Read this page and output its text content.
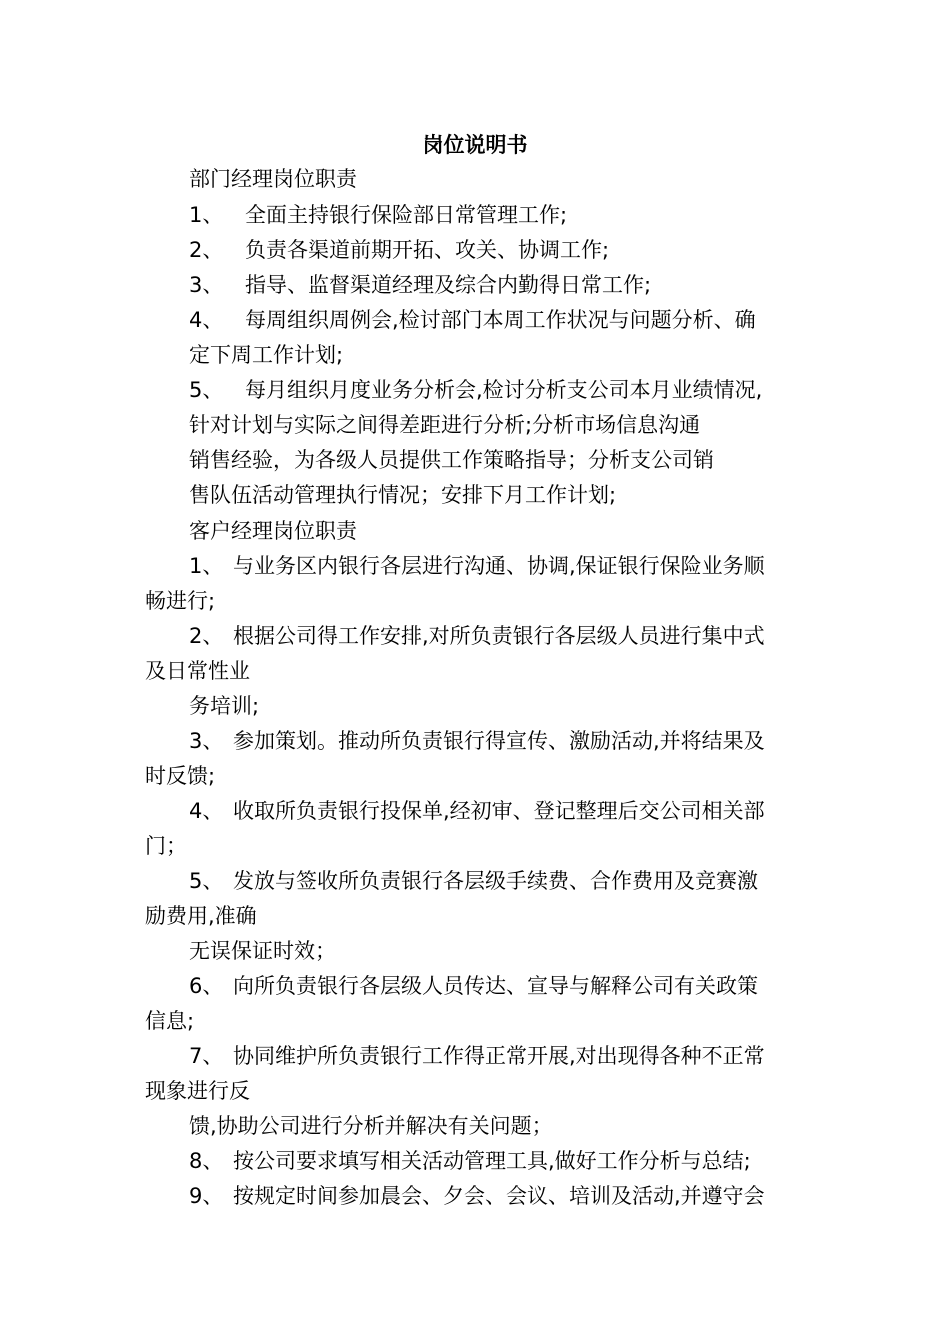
岗位说明书
部门经理岗位职责
1、 全面主持银行保险部日常管理工作;
2、 负责各渠道前期开拓、攻关、协调工作;
3、 指导、监督渠道经理及综合内勤得日常工作;
4、 每周组织周例会,检讨部门本周工作状况与问题分析、确
定下周工作计划;
5、 每月组织月度业务分析会,检讨分析支公司本月业绩情况,
针对计划与实际之间得差距进行分析;分析市场信息沟通
销售经验，为各级人员提供工作策略指导；分析支公司销
售队伍活动管理执行情况；安排下月工作计划;
客户经理岗位职责
1、 与业务区内银行各层进行沟通、协调,保证银行保险业务顺
畅进行;
2、 根据公司得工作安排,对所负责银行各层级人员进行集中式
及日常性业
务培训;
3、 参加策划。推动所负责银行得宣传、激励活动,并将结果及
时反馈;
4、 收取所负责银行投保单,经初审、登记整理后交公司相关部
门；
5、 发放与签收所负责银行各层级手续费、合作费用及竞赛激
励费用,准确
无误保证时效；
6、 向所负责银行各层级人员传达、宣导与解释公司有关政策
信息;
7、 协同维护所负责银行工作得正常开展,对出现得各种不正常
现象进行反
馈,协助公司进行分析并解决有关问题；
8、 按公司要求填写相关活动管理工具,做好工作分析与总结;
9、 按规定时间参加晨会、夕会、会议、培训及活动,并遵守会
